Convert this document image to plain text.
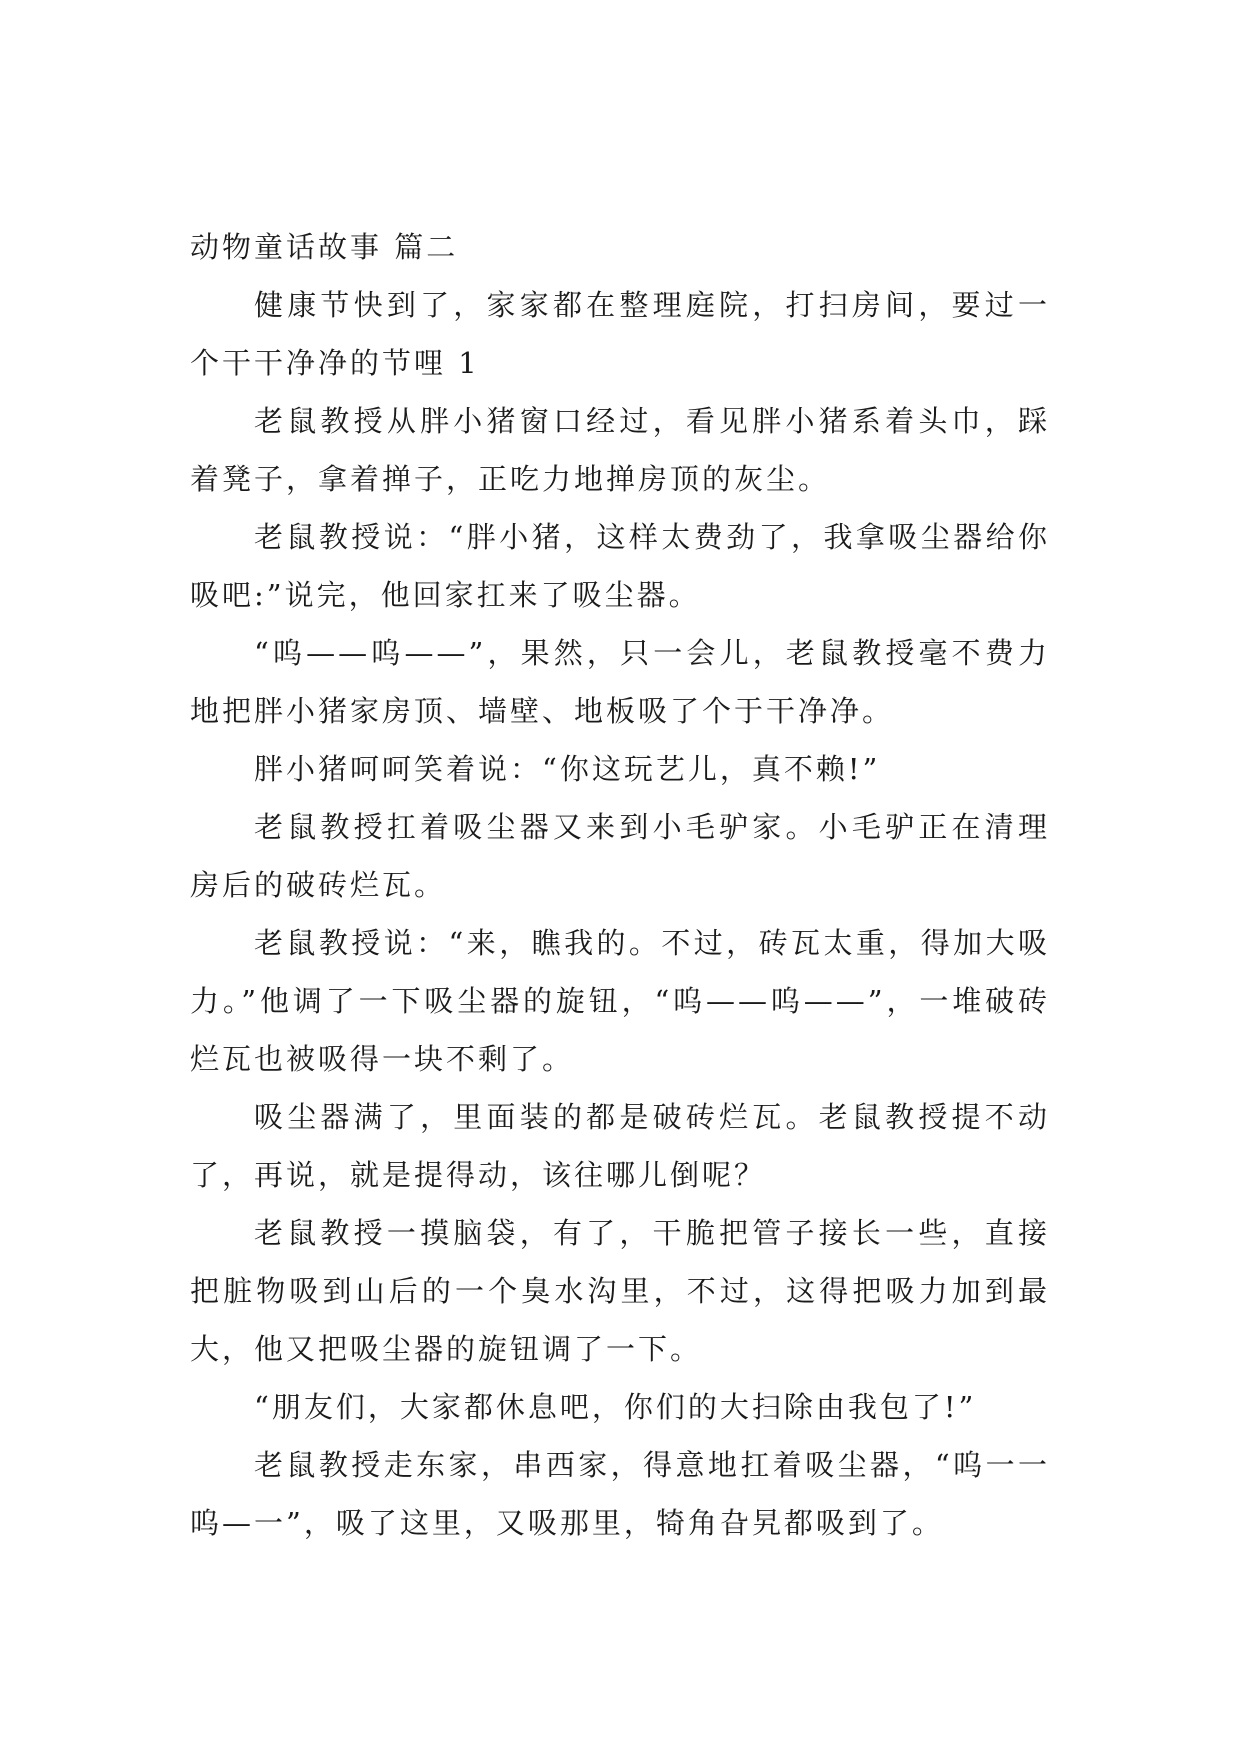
动物童话故事 篇二

健康节快到了，家家都在整理庭院，打扫房间，要过一个干干净净的节哩 1

老鼠教授从胖小猪窗口经过，看见胖小猪系着头巾，踩着凳子，拿着掸子，正吃力地掸房顶的灰尘。

老鼠教授说：“胖小猪，这样太费劲了，我拿吸尘器给你吸吧:”说完，他回家扛来了吸尘器。

“呜——呜——”，果然，只一会儿，老鼠教授毫不费力地把胖小猪家房顶、墙壁、地板吸了个于干净净。

胖小猪呵呵笑着说：“你这玩艺儿，真不赖!”

老鼠教授扛着吸尘器又来到小毛驴家。小毛驴正在清理房后的破砖烂瓦。

老鼠教授说：“来，瞧我的。不过，砖瓦太重，得加大吸力。”他调了一下吸尘器的旋钮，“呜——呜——”，一堆破砖烂瓦也被吸得一块不剩了。

吸尘器满了，里面装的都是破砖烂瓦。老鼠教授提不动了，再说，就是提得动，该往哪儿倒呢？

老鼠教授一摸脑袋，有了，干脆把管子接长一些，直接把脏物吸到山后的一个臭水沟里，不过，这得把吸力加到最大，他又把吸尘器的旋钮调了一下。

“朋友们，大家都休息吧，你们的大扫除由我包了!”

老鼠教授走东家，串西家，得意地扛着吸尘器，“呜一一呜—一”，吸了这里，又吸那里，犄角旮旯都吸到了。
